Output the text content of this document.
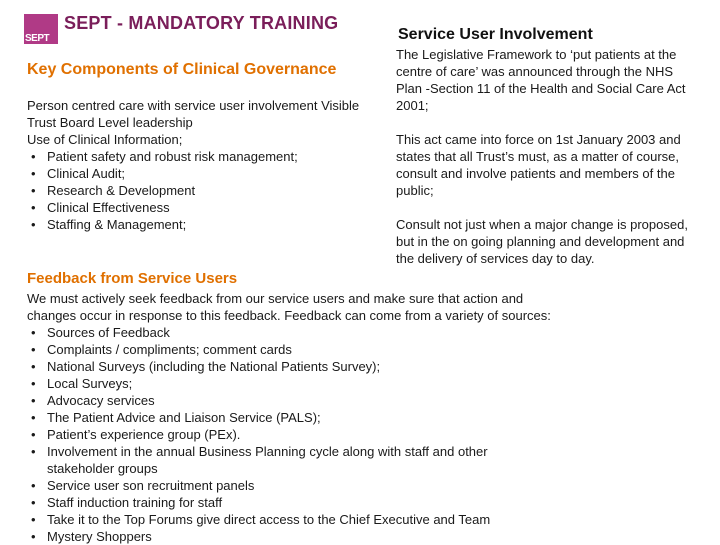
SEPT
SEPT - MANDATORY TRAINING
Key Components of Clinical Governance
Person centred care with service user involvement Visible
Trust Board Level leadership
Use of Clinical Information;
• Patient safety and robust risk management;
• Clinical Audit;
• Research & Development
• Clinical Effectiveness
• Staffing & Management;
Service User Involvement

The Legislative Framework to ‘put patients at the
centre of care’ was announced through the NHS
Plan -Section 11 of the Health and Social Care Act
2001;

This act came into force on 1st January 2003 and
states that all Trust’s must, as a matter of course,
consult and involve patients and members of the
public;

Consult not just when a major change is proposed,
but in the on going planning and development and
the delivery of services day to day.

Feedback from Service Users
We must actively seek feedback from our service users and make sure that action and
changes occur in response to this feedback. Feedback can come from a variety of sources:
• Sources of Feedback
• Complaints / compliments; comment cards
• National Surveys (including the National Patients Survey);
• Local Surveys;
• Advocacy services
• The Patient Advice and Liaison Service (PALS);
• Patient’s experience group (PEx).
• Involvement in the annual Business Planning cycle along with staff and other
stakeholder groups
• Service user son recruitment panels
• Staff induction training for staff
• Take it to the Top Forums give direct access to the Chief Executive and Team
• Mystery Shoppers
